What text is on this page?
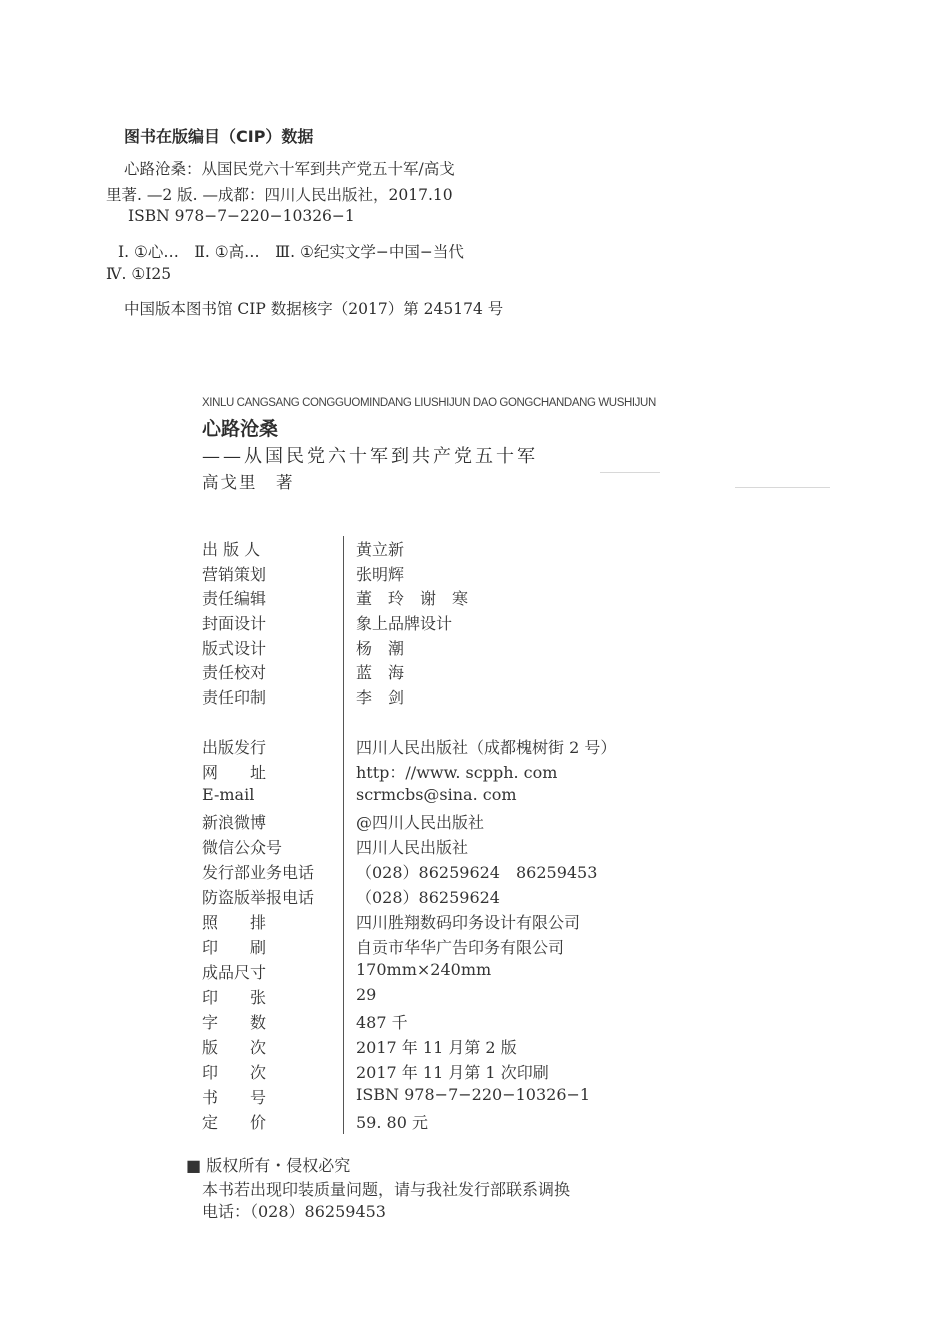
图书在版编目（CIP）数据
心路沧桑：从国民党六十军到共产党五十军/高戈
里著. —2 版. —成都：四川人民出版社，2017.10
ISBN 978−7−220−10326−1
Ⅰ. ①心…　Ⅱ. ①高…　Ⅲ. ①纪实文学−中国−当代
Ⅳ. ①I25
中国版本图书馆 CIP 数据核字（2017）第 245174 号
XINLU CANGSANG CONGGUOMINDANG LIUSHIJUN DAO GONGCHANDANG WUSHIJUN
心路沧桑
——从国民党六十军到共产党五十军
高戈里　著
出 版 人	黄立新
营销策划	张明辉
责任编辑	董　玲　谢　寒
封面设计	象上品牌设计
版式设计	杨　潮
责任校对	蓝　海
责任印制	李　剑
出版发行	四川人民出版社（成都槐树街 2 号）
网　　址	http：//www. scpph. com
E-mail	scrmcbs@sina. com
新浪微博	@四川人民出版社
微信公众号	四川人民出版社
发行部业务电话	（028）86259624　86259453
防盗版举报电话	（028）86259624
照　　排	四川胜翔数码印务设计有限公司
印　　刷	自贡市华华广告印务有限公司
成品尺寸	170mm×240mm
印　　张	29
字　　数	487 千
版　　次	2017 年 11 月第 2 版
印　　次	2017 年 11 月第 1 次印刷
书　　号	ISBN 978−7−220−10326−1
定　　价	59. 80 元
■ 版权所有・侵权必究
本书若出现印装质量问题，请与我社发行部联系调换
电话：（028）86259453
